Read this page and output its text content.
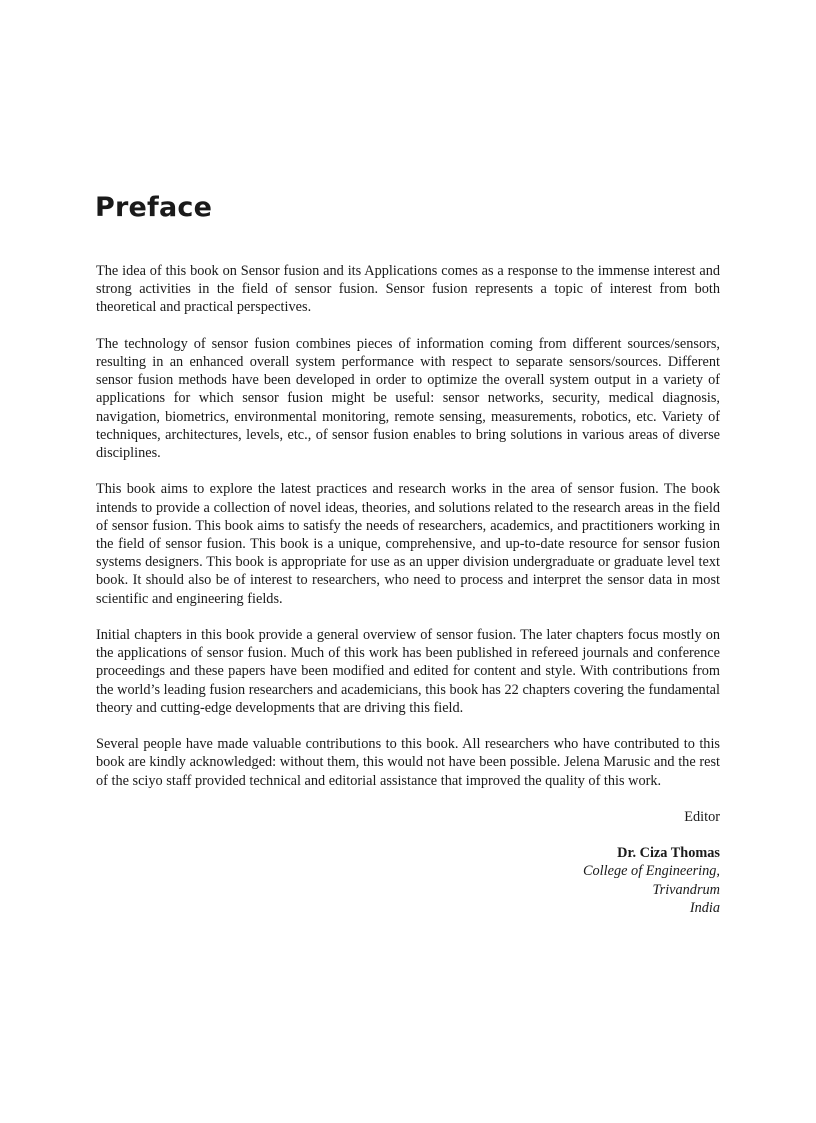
Preface

The idea of this book on Sensor fusion and its Applications comes as a response to the immense interest and strong activities in the field of sensor fusion. Sensor fusion represents a topic of interest from both theoretical and practical perspectives.

The technology of sensor fusion combines pieces of information coming from different sources/sensors, resulting in an enhanced overall system performance with respect to separate sensors/sources. Different sensor fusion methods have been developed in order to optimize the overall system output in a variety of applications for which sensor fusion might be useful: sensor networks, security, medical diagnosis, navigation, biometrics, environmental monitoring, remote sensing, measurements, robotics, etc. Variety of techniques, architectures, levels, etc., of sensor fusion enables to bring solutions in various areas of diverse disciplines.

This book aims to explore the latest practices and research works in the area of sensor fusion. The book intends to provide a collection of novel ideas, theories, and solutions related to the research areas in the field of sensor fusion. This book aims to satisfy the needs of researchers, academics, and practitioners working in the field of sensor fusion. This book is a unique, comprehensive, and up-to-date resource for sensor fusion systems designers. This book is appropriate for use as an upper division undergraduate or graduate level text book. It should also be of interest to researchers, who need to process and interpret the sensor data in most scientific and engineering fields.

Initial chapters in this book provide a general overview of sensor fusion. The later chapters focus mostly on the applications of sensor fusion. Much of this work has been published in refereed journals and conference proceedings and these papers have been modified and edited for content and style. With contributions from the world’s leading fusion researchers and academicians, this book has 22 chapters covering the fundamental theory and cutting-edge developments that are driving this field.

Several people have made valuable contributions to this book. All researchers who have contributed to this book are kindly acknowledged: without them, this would not have been possible. Jelena Marusic and the rest of the sciyo staff provided technical and editorial assistance that improved the quality of this work.

Editor
Dr. Ciza Thomas
College of Engineering,
Trivandrum
India
